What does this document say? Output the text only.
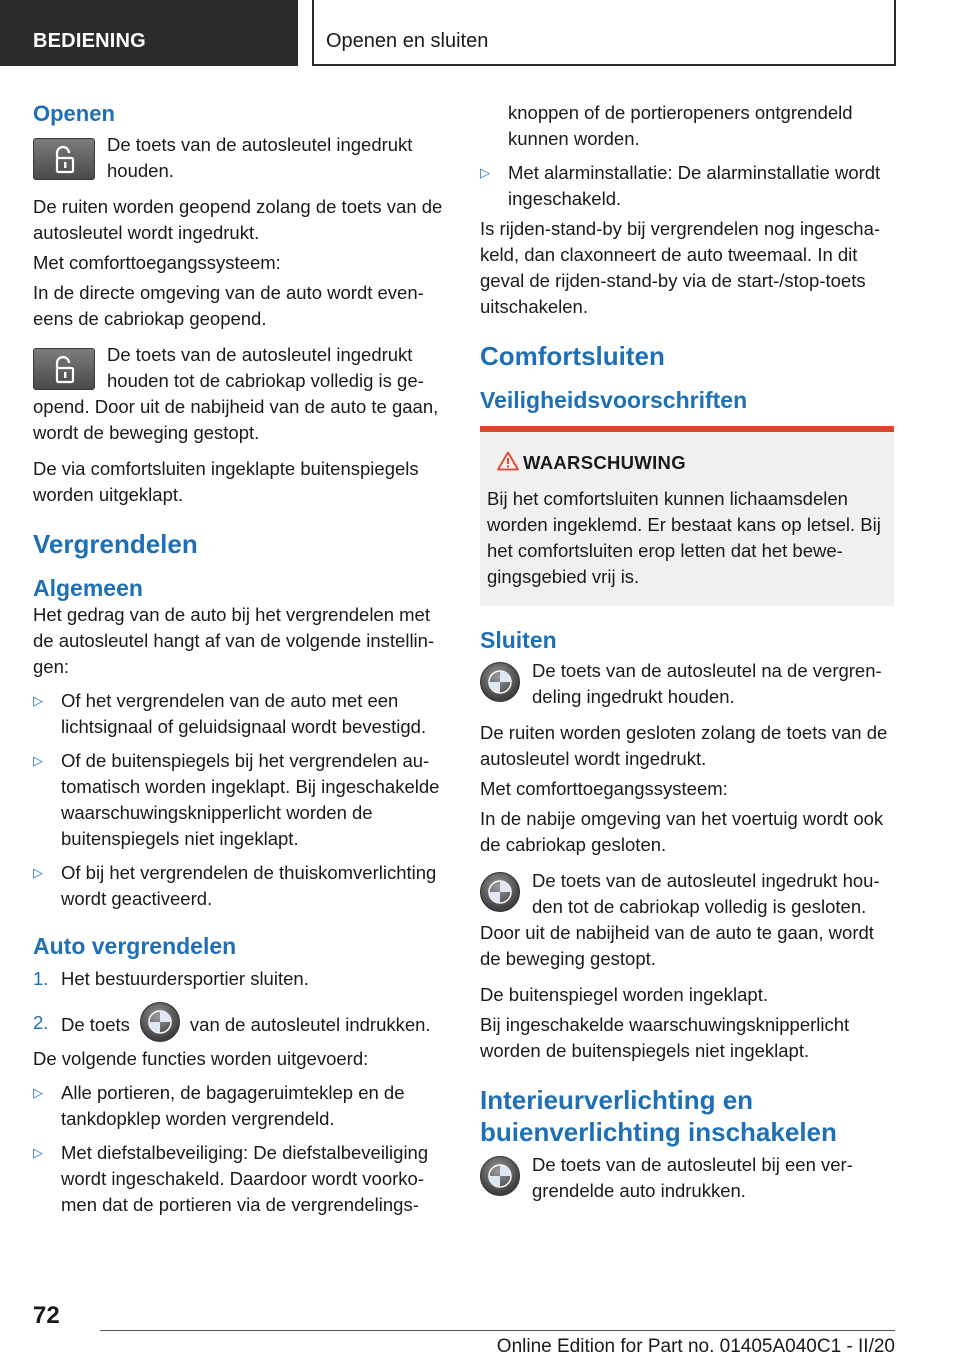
BEDIENING	Openen en sluiten
Openen

De toets van de autosleutel ingedrukt houden.

De ruiten worden geopend zolang de toets van de autosleutel wordt ingedrukt.

Met comforttoegangssysteem:

In de directe omgeving van de auto wordt eveneens de cabriokap geopend.

De toets van de autosleutel ingedrukt houden tot de cabriokap volledig is geopend. Door uit de nabijheid van de auto te gaan, wordt de beweging gestopt.

De via comfortsluiten ingeklapte buitenspiegels worden uitgeklapt.

Vergrendelen
Algemeen

Het gedrag van de auto bij het vergrendelen met de autosleutel hangt af van de volgende instellingen:

▷ Of het vergrendelen van de auto met een lichtsignaal of geluidsignaal wordt bevestigd.
▷ Of de buitenspiegels bij het vergrendelen automatisch worden ingeklapt. Bij ingeschakelde waarschuwingsknipperlicht worden de buitenspiegels niet ingeklapt.
▷ Of bij het vergrendelen de thuiskomverlichting wordt geactiveerd.
Auto vergrendelen
1. Het bestuurdersportier sluiten.
2. De toets	van de autosleutel indrukken.

De volgende functies worden uitgevoerd:

▷ Alle portieren, de bagageruimteklep en de tankdopklep worden vergrendeld.
▷ Met diefstalbeveiliging: De diefstalbeveiliging wordt ingeschakeld. Daardoor wordt voorkomen dat de portieren via de vergrendelings-

knoppen of de portieropeners ontgrendeld kunnen worden.

▷ Met alarminstallatie: De alarminstallatie wordt ingeschakeld.

Is rijden-stand-by bij vergrendelen nog ingeschakeld, dan claxonneert de auto tweemaal. In dit geval de rijden-stand-by via de start-/stop-toets uitschakelen.

Comfortsluiten
Veiligheidsvoorschriften
WAARSCHUWING

Bij het comfortsluiten kunnen lichaamsdelen worden ingeklemd. Er bestaat kans op letsel. Bij het comfortsluiten erop letten dat het bewegingsgebied vrij is.

Sluiten

De toets van de autosleutel na de vergrendeling ingedrukt houden.

De ruiten worden gesloten zolang de toets van de autosleutel wordt ingedrukt.

Met comforttoegangssysteem:

In de nabije omgeving van het voertuig wordt ook de cabriokap gesloten.

De toets van de autosleutel ingedrukt houden tot de cabriokap volledig is gesloten. Door uit de nabijheid van de auto te gaan, wordt de beweging gestopt.

De buitenspiegel worden ingeklapt.

Bij ingeschakelde waarschuwingsknipperlicht worden de buitenspiegels niet ingeklapt.

Interieurverlichting en buienverlichting inschakelen

De toets van de autosleutel bij een vergrendelde auto indrukken.

72
Online Edition for Part no. 01405A040C1 - II/20
